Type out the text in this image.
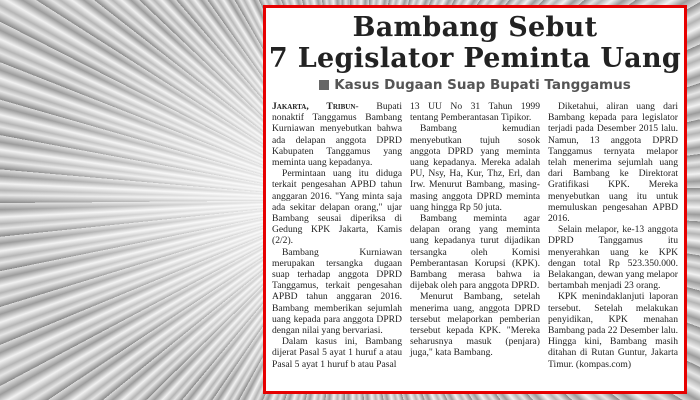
Bambang Sebut
7 Legislator Peminta Uang
Kasus Dugaan Suap Bupati Tanggamus

Jakarta, Tribun- Bupati nonaktif Tanggamus Bambang Kurniawan menyebutkan bahwa ada delapan anggota DPRD Kabupaten Tanggamus yang meminta uang kepadanya.

Permintaan uang itu diduga terkait pengesahan APBD tahun anggaran 2016. "Yang minta saja ada sekitar delapan orang," ujar Bambang seusai diperiksa di Gedung KPK Jakarta, Kamis (2/2).

Bambang Kurniawan merupakan tersangka dugaan suap terhadap anggota DPRD Tanggamus, terkait pengesahan APBD tahun anggaran 2016. Bambang memberikan sejumlah uang kepada para anggota DPRD dengan nilai yang bervariasi.

Dalam kasus ini, Bambang dijerat Pasal 5 ayat 1 huruf a atau Pasal 5 ayat 1 huruf b atau Pasal

13 UU No 31 Tahun 1999 tentang Pemberantasan Tipikor.

Bambang kemudian menyebutkan tujuh sosok anggota DPRD yang meminta uang kepadanya. Mereka adalah PU, Nsy, Ha, Kur, Thz, Erl, dan Irw. Menurut Bambang, masing-masing anggota DPRD meminta uang hingga Rp 50 juta.

Bambang meminta agar delapan orang yang meminta uang kepadanya turut dijadikan tersangka oleh Komisi Pemberantasan Korupsi (KPK). Bambang merasa bahwa ia dijebak oleh para anggota DPRD.

Menurut Bambang, setelah menerima uang, anggota DPRD tersebut melaporkan pemberian tersebut kepada KPK. "Mereka seharusnya masuk (penjara) juga," kata Bambang.

Diketahui, aliran uang dari Bambang kepada para legislator terjadi pada Desember 2015 lalu. Namun, 13 anggota DPRD Tanggamus ternyata melapor telah menerima sejumlah uang dari Bambang ke Direktorat Gratifikasi KPK. Mereka menyebutkan uang itu untuk memuluskan pengesahan APBD 2016.

Selain melapor, ke-13 anggota DPRD Tanggamus itu menyerahkan uang ke KPK dengan total Rp 523.350.000. Belakangan, dewan yang melapor bertambah menjadi 23 orang.

KPK menindaklanjuti laporan tersebut. Setelah melakukan penyidikan, KPK menahan Bambang pada 22 Desember lalu. Hingga kini, Bambang masih ditahan di Rutan Guntur, Jakarta Timur. (kompas.com)
